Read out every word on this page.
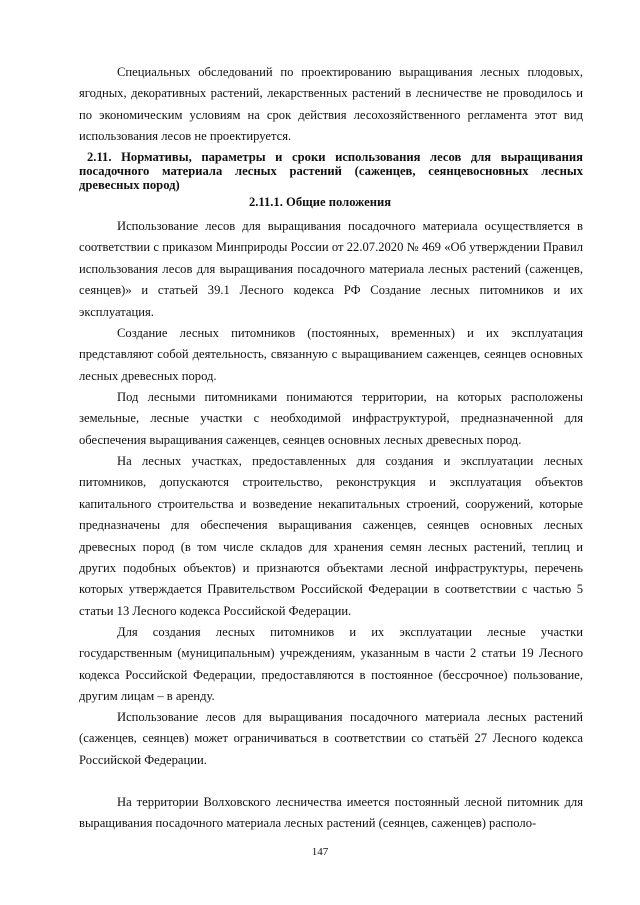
Специальных обследований по проектированию выращивания лесных плодовых, ягодных, декоративных растений, лекарственных растений в лесничестве не проводилось и по экономическим условиям на срок действия лесохозяйственного регламента этот вид использования лесов не проектируется.

2.11. Нормативы, параметры и сроки использования лесов для выращивания посадочного материала лесных растений (саженцев, сеянцевосновных лесных древесных пород)

2.11.1. Общие положения

Использование лесов для выращивания посадочного материала осуществляется в соответствии с приказом Минприроды России от 22.07.2020 № 469 «Об утверждении Правил использования лесов для выращивания посадочного материала лесных растений (саженцев, сеянцев)» и статьей 39.1 Лесного кодекса РФ Создание лесных питомников и их эксплуатация.

Создание лесных питомников (постоянных, временных) и их эксплуатация представляют собой деятельность, связанную с выращиванием саженцев, сеянцев основных лесных древесных пород.

Под лесными питомниками понимаются территории, на которых расположены земельные, лесные участки с необходимой инфраструктурой, предназначенной для обеспечения выращивания саженцев, сеянцев основных лесных древесных пород.

На лесных участках, предоставленных для создания и эксплуатации лесных питомников, допускаются строительство, реконструкция и эксплуатация объектов капитального строительства и возведение некапитальных строений, сооружений, которые предназначены для обеспечения выращивания саженцев, сеянцев основных лесных древесных пород (в том числе складов для хранения семян лесных растений, теплиц и других подобных объектов) и признаются объектами лесной инфраструктуры, перечень которых утверждается Правительством Российской Федерации в соответствии с частью 5 статьи 13 Лесного кодекса Российской Федерации.

Для создания лесных питомников и их эксплуатации лесные участки государственным (муниципальным) учреждениям, указанным в части 2 статьи 19 Лесного кодекса Российской Федерации, предоставляются в постоянное (бессрочное) пользование, другим лицам – в аренду.

Использование лесов для выращивания посадочного материала лесных растений (саженцев, сеянцев) может ограничиваться в соответствии со статьёй 27 Лесного кодекса Российской Федерации.

На территории Волховского лесничества имеется постоянный лесной питомник для выращивания посадочного материала лесных растений (сеянцев, саженцев) располо-

147
